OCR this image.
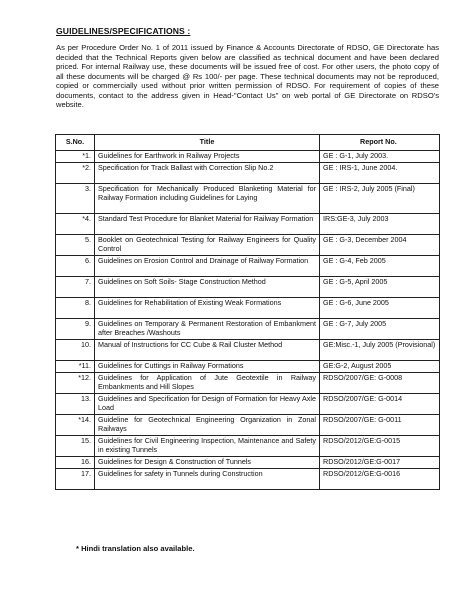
GUIDELINES/SPECIFICATIONS :
As per Procedure Order No. 1 of 2011 issued by Finance & Accounts Directorate of RDSO, GE Directorate has decided that the Technical Reports given below are classified as technical document and have been declared priced. For internal Railway use, these documents will be issued free of cost. For other users, the photo copy of all these documents will be charged @ Rs 100/- per page. These technical documents may not be reproduced, copied or commercially used without prior written permission of RDSO. For requirement of copies of these documents, contact to the address given in Head-"Contact Us" on web portal of GE Directorate on RDSO's website.
S.No.	Title	Report No.
*1.	Guidelines for Earthwork in Railway Projects	GE : G-1, July 2003.
*2.	Specification for Track Ballast with Correction Slip No.2	GE : IRS-1, June 2004.
3.	Specification for Mechanically Produced Blanketing Material for Railway Formation including Guidelines for Laying	GE : IRS-2, July 2005 (Final)
*4.	Standard Test Procedure for Blanket Material for Railway Formation	IRS:GE-3, July 2003
5.	Booklet on Geotechnical Testing for Railway Engineers for Quality Control	GE : G-3, December 2004
6.	Guidelines on Erosion Control and Drainage of Railway Formation	GE : G-4, Feb 2005
7.	Guidelines on Soft Soils- Stage Construction Method	GE : G-5, April 2005
8.	Guidelines for Rehabilitation of Existing Weak Formations	GE : G-6, June 2005
9.	Guidelines on Temporary & Permanent Restoration of Embankment after Breaches /Washouts	GE : G-7, July 2005
10.	Manual of Instructions for CC Cube & Rail Cluster Method	GE:Misc.-1, July 2005 (Provisional)
*11.	Guidelines for Cuttings in Railway Formations	GE:G-2, August 2005
*12.	Guidelines for Application of Jute Geotextile in Railway Embankments and Hill Slopes	RDSO/2007/GE: G-0008
13.	Guidelines and Specification for Design of Formation for Heavy Axle Load	RDSO/2007/GE: G-0014
*14.	Guideline for Geotechnical Engineering Organization in Zonal Railways	RDSO/2007/GE: G-0011
15.	Guidelines for Civil Engineering Inspection, Maintenance and Safety in existing Tunnels	RDSO/2012/GE:G-0015
16.	Guidelines for Design & Construction of Tunnels	RDSO/2012/GE:G-0017
17.	Guidelines for safety in Tunnels during Construction	RDSO/2012/GE:G-0016
* Hindi translation also available.
